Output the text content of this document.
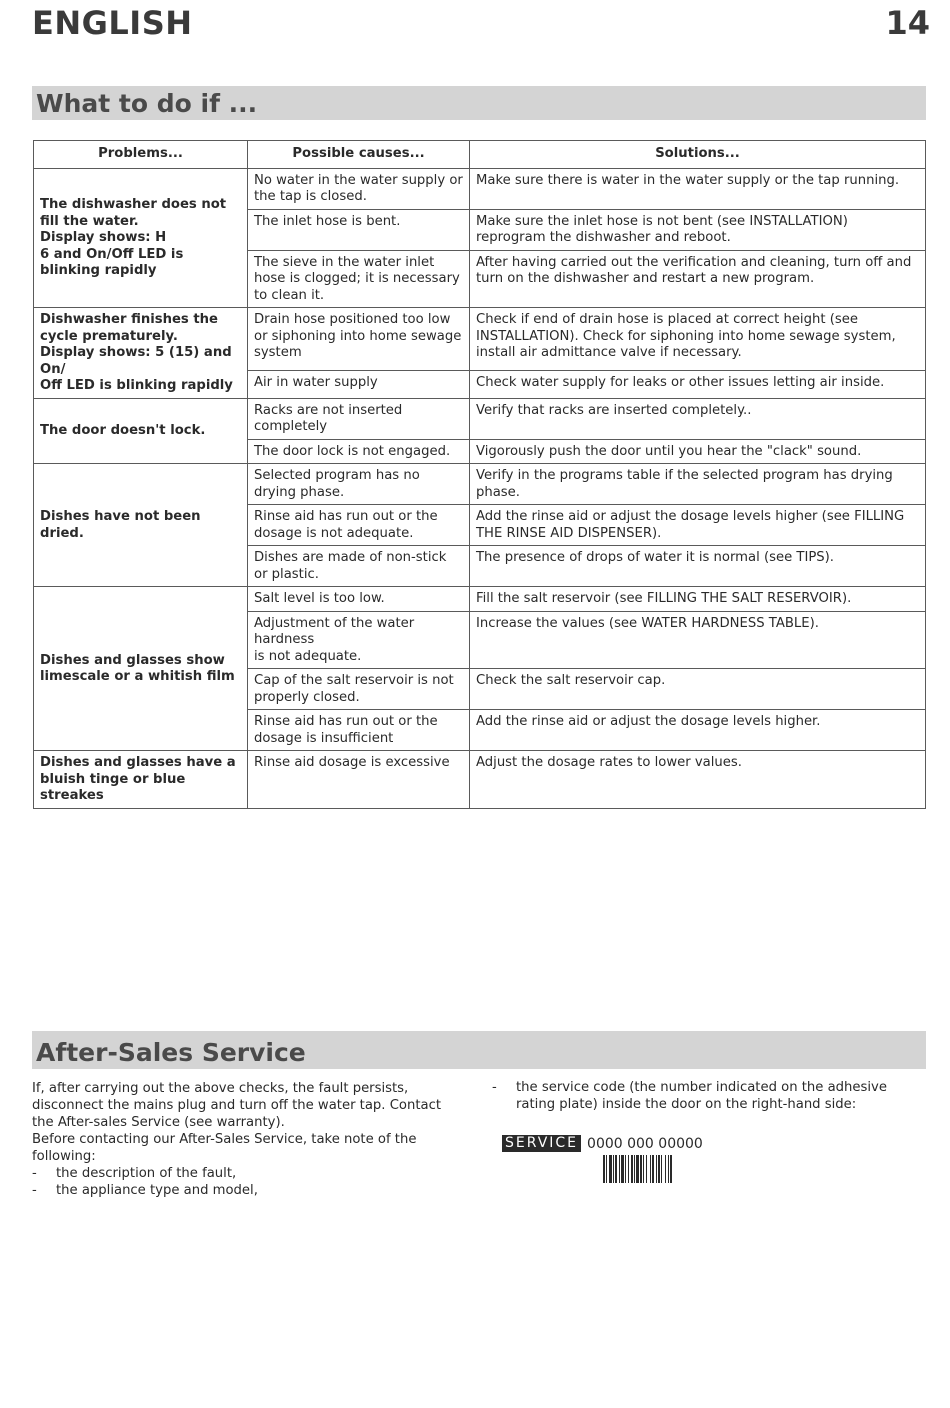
ENGLISH	14
What to do if ...
Problems...	Possible causes...	Solutions...
The dishwasher does not fill the water.
Display shows: H
6 and On/Off LED is blinking rapidly	No water in the water supply or the tap is closed.	Make sure there is water in the water supply or the tap running.
	The inlet hose is bent.	Make sure the inlet hose is not bent (see INSTALLATION) reprogram the dishwasher and reboot.
	The sieve in the water inlet hose is clogged; it is necessary to clean it.	After having carried out the verification and cleaning, turn off and turn on the dishwasher and restart a new program.
Dishwasher finishes the cycle prematurely.
Display shows: 5 (15) and On/
Off LED is blinking rapidly	Drain hose positioned too low or siphoning into home sewage system	Check if end of drain hose is placed at correct height (see INSTALLATION). Check for siphoning into home sewage system, install air admittance valve if necessary.
	Air in water supply	Check water supply for leaks or other issues letting air inside.
The door doesn't lock.	Racks are not inserted completely	Verify that racks are inserted completely..
	The door lock is not engaged.	Vigorously push the door until you hear the "clack" sound.
Dishes have not been dried.	Selected program has no drying phase.	Verify in the programs table if the selected program has drying phase.
	Rinse aid has run out or the dosage is not adequate.	Add the rinse aid or adjust the dosage levels higher (see FILLING THE RINSE AID DISPENSER).
	Dishes are made of non-stick or plastic.	The presence of drops of water it is normal (see TIPS).
Dishes and glasses show limescale or a whitish film	Salt level is too low.	Fill the salt reservoir (see FILLING THE SALT RESERVOIR).
	Adjustment of the water hardness
is not adequate.	Increase the values (see WATER HARDNESS TABLE).
	Cap of the salt reservoir is not properly closed.	Check the salt reservoir cap.
	Rinse aid has run out or the dosage is insufficient	Add the rinse aid or adjust the dosage levels higher.
Dishes and glasses have a bluish tinge or blue streakes	Rinse aid dosage is excessive	Adjust the dosage rates to lower values.
After-Sales Service

If, after carrying out the above checks, the fault persists, disconnect the mains plug and turn off the water tap. Contact the After-sales Service (see warranty).

Before contacting our After-Sales Service, take note of the following:

-	the description of the fault,
-	the appliance type and model,
-	the service code (the number indicated on the adhesive rating plate) inside the door on the right-hand side:
SERVICE 0000 000 00000
